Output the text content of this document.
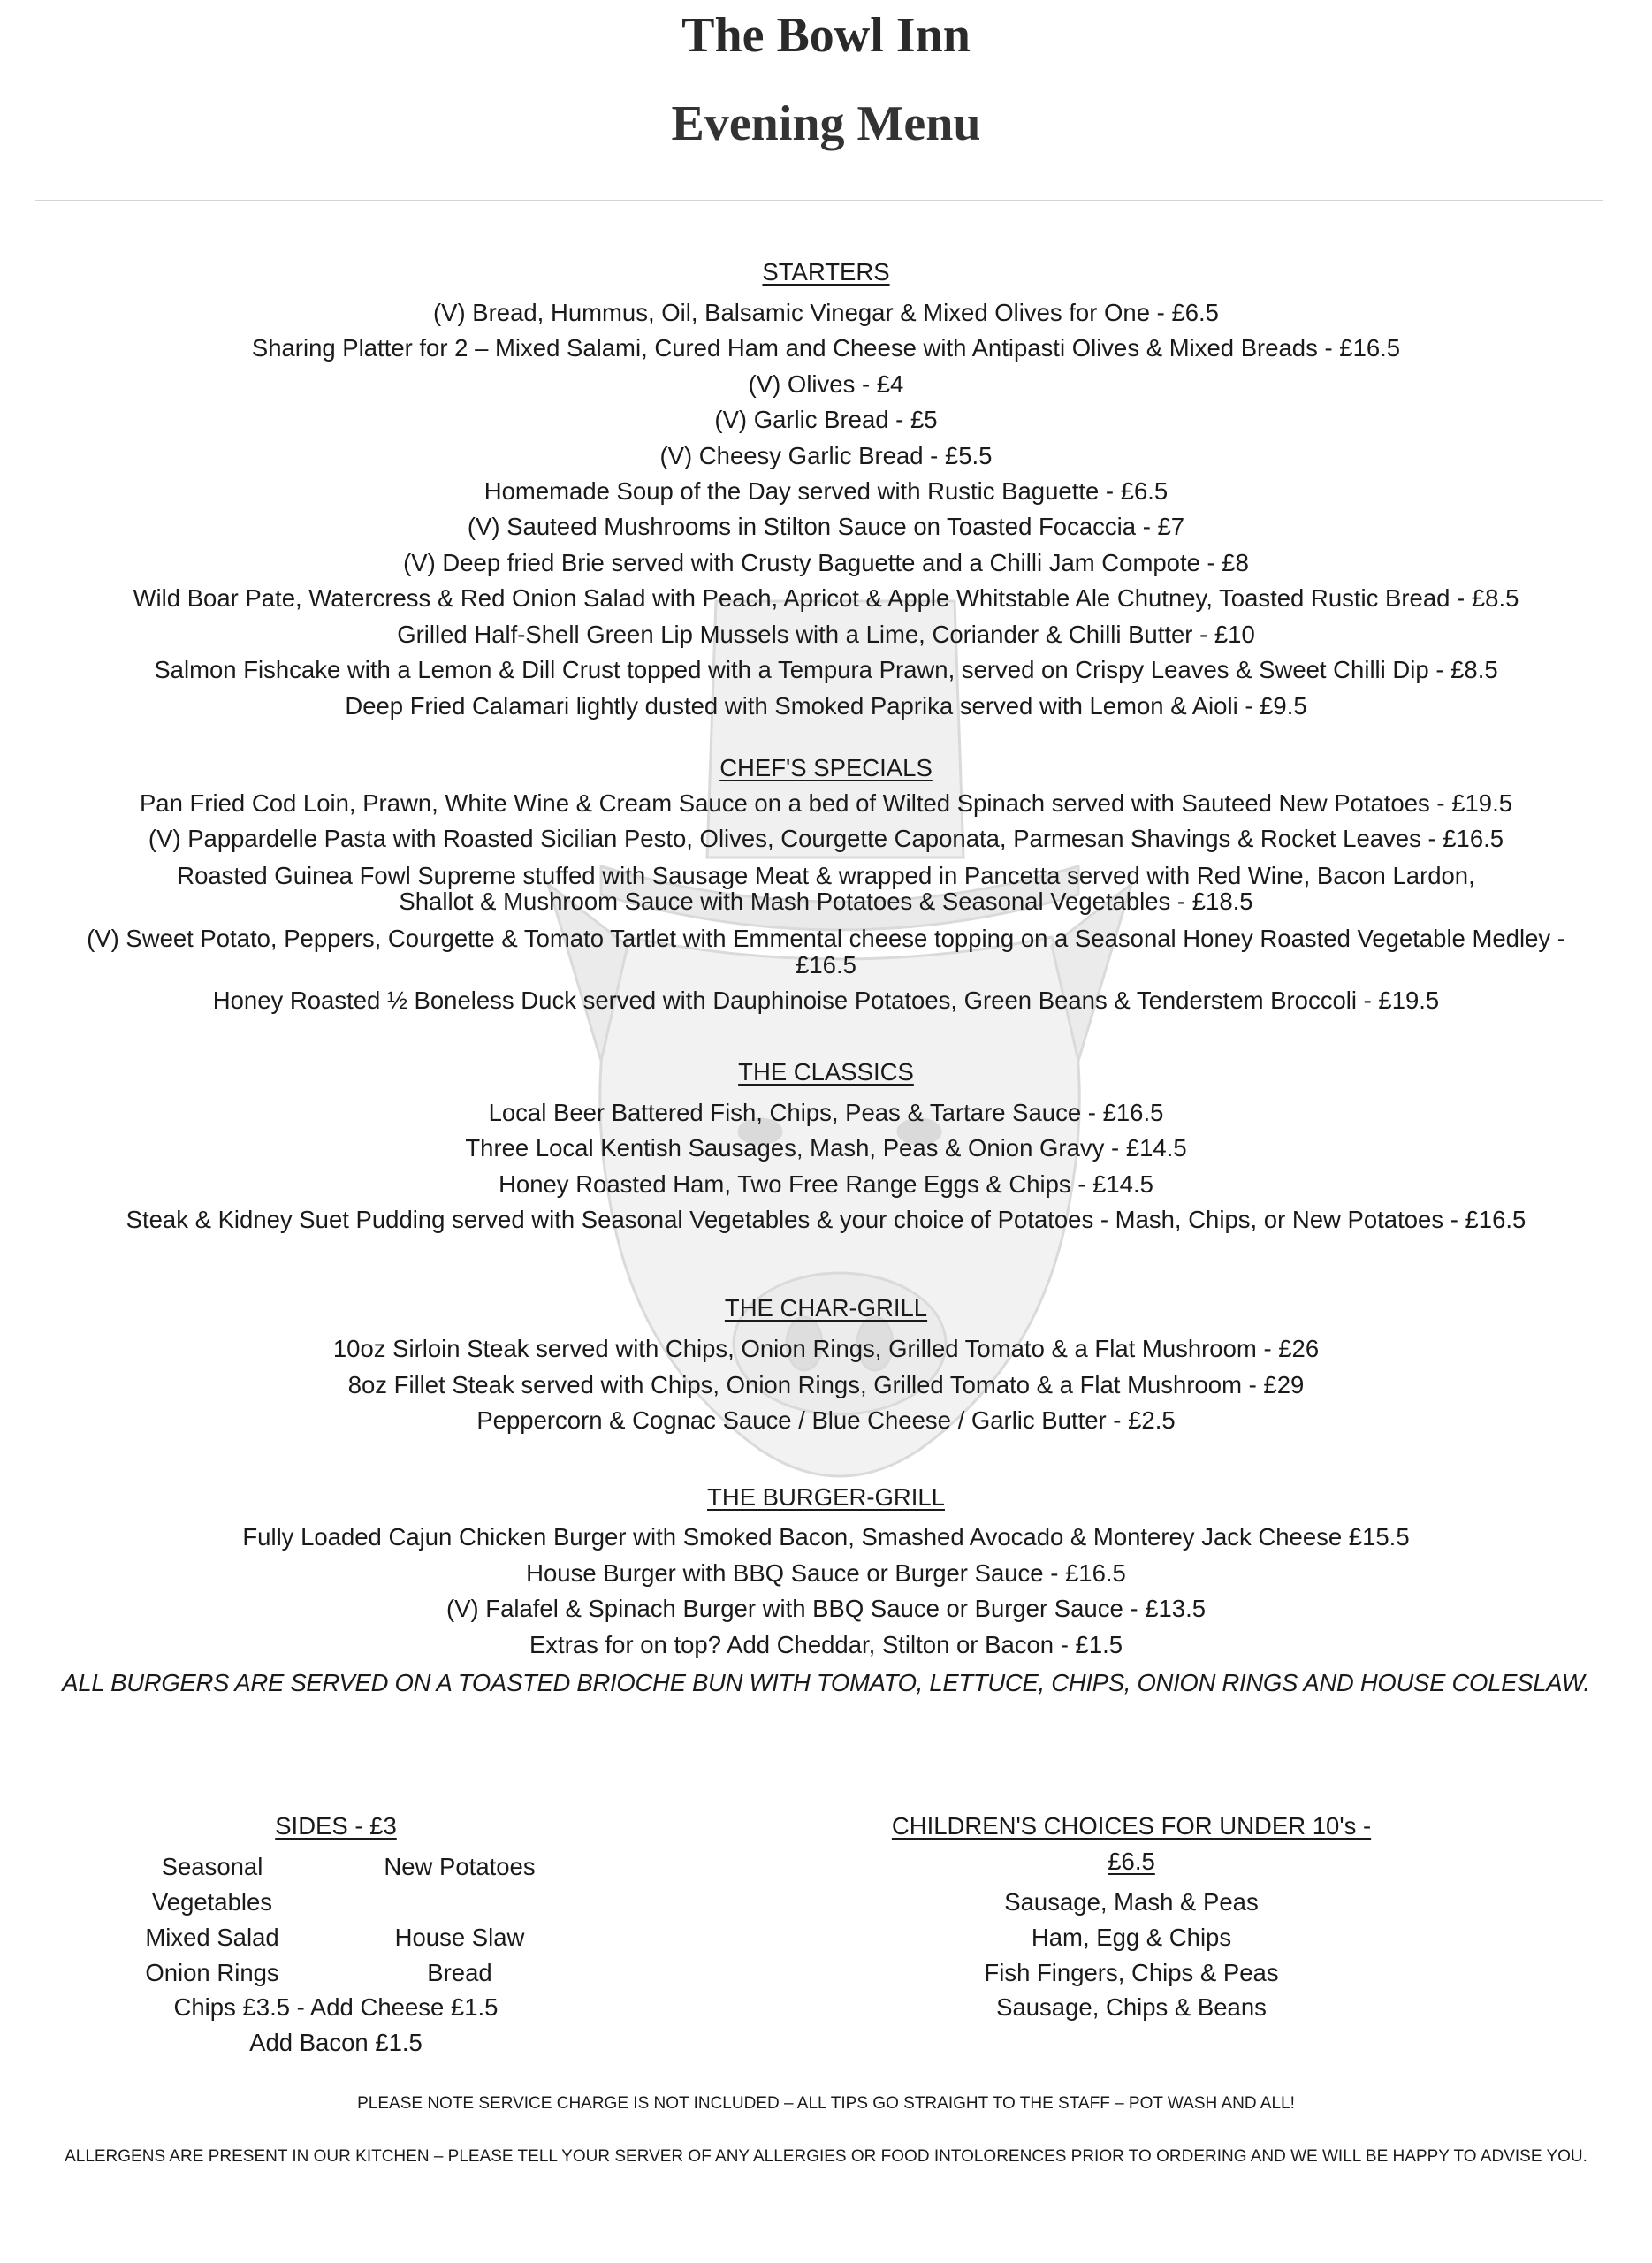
The Bowl Inn
Evening Menu
STARTERS

(V) Bread, Hummus, Oil, Balsamic Vinegar & Mixed Olives for One - £6.5

Sharing Platter for 2 – Mixed Salami, Cured Ham and Cheese with Antipasti Olives & Mixed Breads - £16.5

(V) Olives - £4

(V) Garlic Bread - £5

(V) Cheesy Garlic Bread - £5.5

Homemade Soup of the Day served with Rustic Baguette - £6.5

(V) Sauteed Mushrooms in Stilton Sauce on Toasted Focaccia - £7

(V) Deep fried Brie served with Crusty Baguette and a Chilli Jam Compote - £8

Wild Boar Pate, Watercress & Red Onion Salad with Peach, Apricot & Apple Whitstable Ale Chutney, Toasted Rustic Bread - £8.5

Grilled Half-Shell Green Lip Mussels with a Lime, Coriander & Chilli Butter - £10

Salmon Fishcake with a Lemon & Dill Crust topped with a Tempura Prawn, served on Crispy Leaves & Sweet Chilli Dip - £8.5

Deep Fried Calamari lightly dusted with Smoked Paprika served with Lemon & Aioli - £9.5

CHEF'S SPECIALS

Pan Fried Cod Loin, Prawn, White Wine & Cream Sauce on a bed of Wilted Spinach served with Sauteed New Potatoes - £19.5

(V) Pappardelle Pasta with Roasted Sicilian Pesto, Olives, Courgette Caponata, Parmesan Shavings & Rocket Leaves - £16.5

Roasted Guinea Fowl Supreme stuffed with Sausage Meat & wrapped in Pancetta served with Red Wine, Bacon Lardon, Shallot & Mushroom Sauce with Mash Potatoes & Seasonal Vegetables - £18.5

(V) Sweet Potato, Peppers, Courgette & Tomato Tartlet with Emmental cheese topping on a Seasonal Honey Roasted Vegetable Medley - £16.5

Honey Roasted ½ Boneless Duck served with Dauphinoise Potatoes, Green Beans & Tenderstem Broccoli - £19.5

THE CLASSICS

Local Beer Battered Fish, Chips, Peas & Tartare Sauce - £16.5

Three Local Kentish Sausages, Mash, Peas & Onion Gravy - £14.5

Honey Roasted Ham, Two Free Range Eggs & Chips - £14.5

Steak & Kidney Suet Pudding served with Seasonal Vegetables & your choice of Potatoes - Mash, Chips, or New Potatoes - £16.5

THE CHAR-GRILL

10oz Sirloin Steak served with Chips, Onion Rings, Grilled Tomato & a Flat Mushroom - £26

8oz Fillet Steak served with Chips, Onion Rings, Grilled Tomato & a Flat Mushroom - £29

Peppercorn & Cognac Sauce / Blue Cheese / Garlic Butter - £2.5

THE BURGER-GRILL

Fully Loaded Cajun Chicken Burger with Smoked Bacon, Smashed Avocado & Monterey Jack Cheese £15.5

House Burger with BBQ Sauce or Burger Sauce - £16.5

(V) Falafel & Spinach Burger with BBQ Sauce or Burger Sauce - £13.5

Extras for on top? Add Cheddar, Stilton or Bacon - £1.5

ALL BURGERS ARE SERVED ON A TOASTED BRIOCHE BUN WITH TOMATO, LETTUCE, CHIPS, ONION RINGS AND HOUSE COLESLAW.

SIDES - £3
Seasonal Vegetables
New Potatoes
Mixed Salad	House Slaw
Onion Rings	Bread

Chips £3.5 - Add Cheese £1.5

Add Bacon £1.5

CHILDREN'S CHOICES FOR UNDER 10's - £6.5

Sausage, Mash & Peas

Ham, Egg & Chips

Fish Fingers, Chips & Peas

Sausage, Chips & Beans

PLEASE NOTE SERVICE CHARGE IS NOT INCLUDED – ALL TIPS GO STRAIGHT TO THE STAFF – POT WASH AND ALL!

ALLERGENS ARE PRESENT IN OUR KITCHEN – PLEASE TELL YOUR SERVER OF ANY ALLERGIES OR FOOD INTOLORENCES PRIOR TO ORDERING AND WE WILL BE HAPPY TO ADVISE YOU.
